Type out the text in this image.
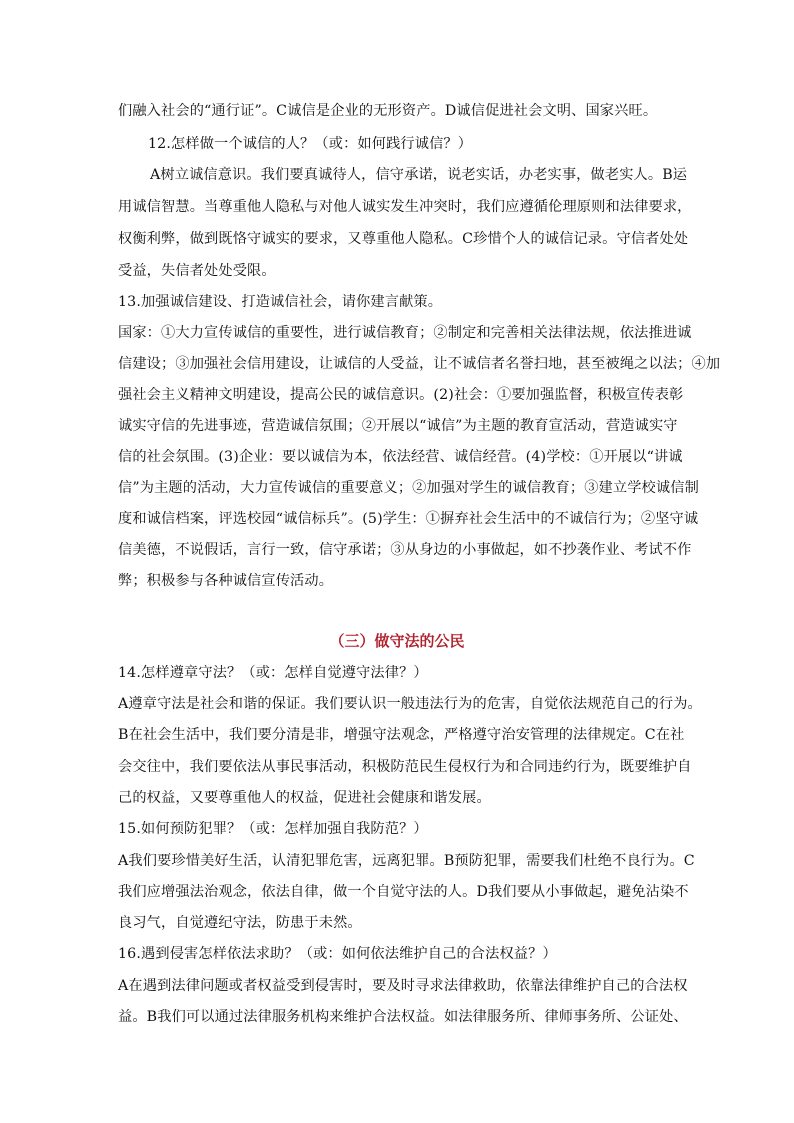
们融入社会的“通行证”。C诚信是企业的无形资产。D诚信促进社会文明、国家兴旺。
12.怎样做一个诚信的人？（或：如何践行诚信？）
A树立诚信意识。我们要真诚待人，信守承诺，说老实话，办老实事，做老实人。B运
用诚信智慧。当尊重他人隐私与对他人诚实发生冲突时，我们应遵循伦理原则和法律要求，
权衡利弊，做到既恪守诚实的要求，又尊重他人隐私。C珍惜个人的诚信记录。守信者处处
受益，失信者处处受限。
13.加强诚信建设、打造诚信社会，请你建言献策。
国家：①大力宣传诚信的重要性，进行诚信教育；②制定和完善相关法律法规，依法推进诚
信建设；③加强社会信用建设，让诚信的人受益，让不诚信者名誉扫地，甚至被绳之以法；④加
强社会主义精神文明建设，提高公民的诚信意识。(2)社会：①要加强监督，积极宣传表彰
诚实守信的先进事迹，营造诚信氛围；②开展以“诚信”为主题的教育宣活动，营造诚实守
信的社会氛围。(3)企业：要以诚信为本，依法经营、诚信经营。(4)学校：①开展以“讲诚
信”为主题的活动，大力宣传诚信的重要意义；②加强对学生的诚信教育；③建立学校诚信制
度和诚信档案，评选校园“诚信标兵”。(5)学生：①摒弃社会生活中的不诚信行为；②坚守诚
信美德，不说假话，言行一致，信守承诺；③从身边的小事做起，如不抄袭作业、考试不作
弊；积极参与各种诚信宣传活动。
（三）做守法的公民
14.怎样遵章守法？（或：怎样自觉遵守法律？）
A遵章守法是社会和谐的保证。我们要认识一般违法行为的危害，自觉依法规范自己的行为。
B在社会生活中，我们要分清是非，增强守法观念，严格遵守治安管理的法律规定。C在社
会交往中，我们要依法从事民事活动，积极防范民生侵权行为和合同违约行为，既要维护自
己的权益，又要尊重他人的权益，促进社会健康和谐发展。
15.如何预防犯罪？（或：怎样加强自我防范？）
A我们要珍惜美好生活，认清犯罪危害，远离犯罪。B预防犯罪，需要我们杜绝不良行为。C
我们应增强法治观念，依法自律，做一个自觉守法的人。D我们要从小事做起，避免沾染不
良习气，自觉遵纪守法，防患于未然。
16.遇到侵害怎样依法求助？（或：如何依法维护自己的合法权益？）
A在遇到法律问题或者权益受到侵害时，要及时寻求法律救助，依靠法律维护自己的合法权
益。B我们可以通过法律服务机构来维护合法权益。如法律服务所、律师事务所、公证处、
